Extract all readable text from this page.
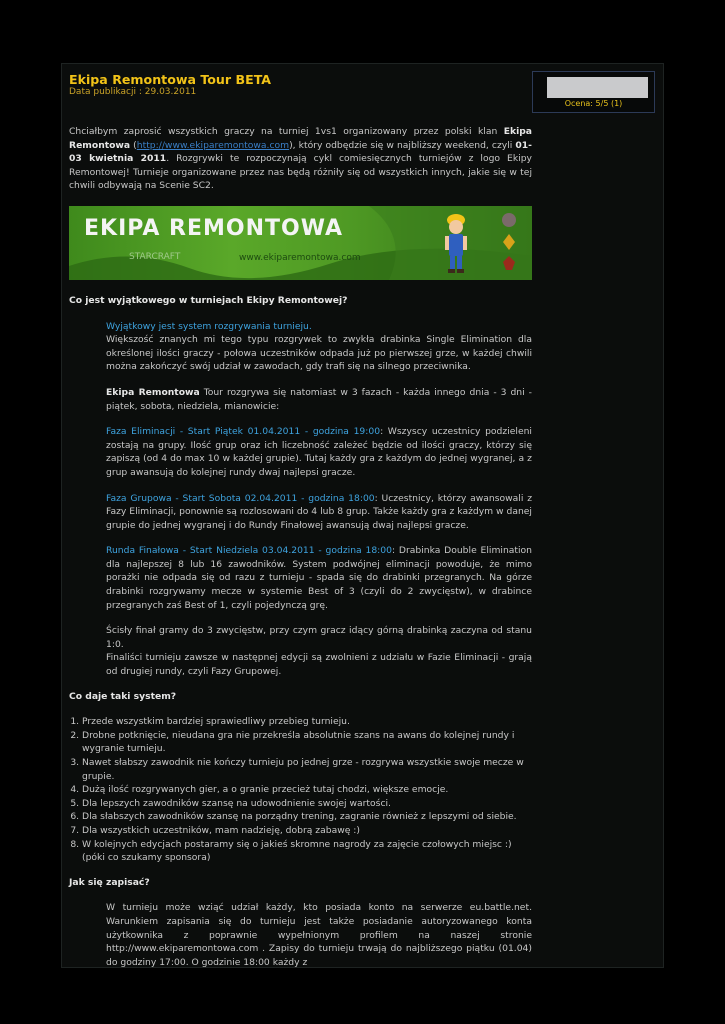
Ekipa Remontowa Tour BETA
Data publikacji : 29.03.2011
Ocena: 5/5 (1)

Chciałbym zaprosić wszystkich graczy na turniej 1vs1 organizowany przez polski klan Ekipa Remontowa (http://www.ekiparemontowa.com), który odbędzie się w najbliższy weekend, czyli 01-03 kwietnia 2011. Rozgrywki te rozpoczynają cykl comiesięcznych turniejów z logo Ekipy Remontowej! Turnieje organizowane przez nas będą różniły się od wszystkich innych, jakie się w tej chwili odbywają na Scenie SC2.

EKIPA REMONTOWA
STARCRAFT	www.ekiparemontowa.com

Co jest wyjątkowego w turniejach Ekipy Remontowej?

Wyjątkowy jest system rozgrywania turnieju.

Większość znanych mi tego typu rozgrywek to zwykła drabinka Single Elimination dla określonej ilości graczy - połowa uczestników odpada już po pierwszej grze, w każdej chwili można zakończyć swój udział w zawodach, gdy trafi się na silnego przeciwnika.

Ekipa Remontowa Tour rozgrywa się natomiast w 3 fazach - każda innego dnia - 3 dni - piątek, sobota, niedziela, mianowicie:

Faza Eliminacji - Start Piątek 01.04.2011 - godzina 19:00: Wszyscy uczestnicy podzieleni zostają na grupy. Ilość grup oraz ich liczebność zależeć będzie od ilości graczy, którzy się zapiszą (od 4 do max 10 w każdej grupie). Tutaj każdy gra z każdym do jednej wygranej, a z grup awansują do kolejnej rundy dwaj najlepsi gracze.

Faza Grupowa - Start Sobota 02.04.2011 - godzina 18:00: Uczestnicy, którzy awansowali z Fazy Eliminacji, ponownie są rozlosowani do 4 lub 8 grup. Także każdy gra z każdym w danej grupie do jednej wygranej i do Rundy Finałowej awansują dwaj najlepsi gracze.

Runda Finałowa - Start Niedziela 03.04.2011 - godzina 18:00: Drabinka Double Elimination dla najlepszej 8 lub 16 zawodników. System podwójnej eliminacji powoduje, że mimo porażki nie odpada się od razu z turnieju - spada się do drabinki przegranych. Na górze drabinki rozgrywamy mecze w systemie Best of 3 (czyli do 2 zwycięstw), w drabince przegranych zaś Best of 1, czyli pojedynczą grę.

Ścisły finał gramy do 3 zwycięstw, przy czym gracz idący górną drabinką zaczyna od stanu 1:0.

Finaliści turnieju zawsze w następnej edycji są zwolnieni z udziału w Fazie Eliminacji - grają od drugiej rundy, czyli Fazy Grupowej.

Co daje taki system?

1. Przede wszystkim bardziej sprawiedliwy przebieg turnieju.
2. Drobne potknięcie, nieudana gra nie przekreśla absolutnie szans na awans do kolejnej rundy i wygranie turnieju.
3. Nawet słabszy zawodnik nie kończy turnieju po jednej grze - rozgrywa wszystkie swoje mecze w grupie.
4. Dużą ilość rozgrywanych gier, a o granie przecież tutaj chodzi, większe emocje.
5. Dla lepszych zawodników szansę na udowodnienie swojej wartości.
6. Dla słabszych zawodników szansę na porządny trening, zagranie również z lepszymi od siebie.
7. Dla wszystkich uczestników, mam nadzieję, dobrą zabawę :)
8. W kolejnych edycjach postaramy się o jakieś skromne nagrody za zajęcie czołowych miejsc :) (póki co szukamy sponsora)

Jak się zapisać?

W turnieju może wziąć udział każdy, kto posiada konto na serwerze eu.battle.net. Warunkiem zapisania się do turnieju jest także posiadanie autoryzowanego konta użytkownika z poprawnie wypełnionym profilem na naszej stronie http://www.ekiparemontowa.com . Zapisy do turnieju trwają do najbliższego piątku (01.04) do godziny 17:00. O godzinie 18:00 każdy z
